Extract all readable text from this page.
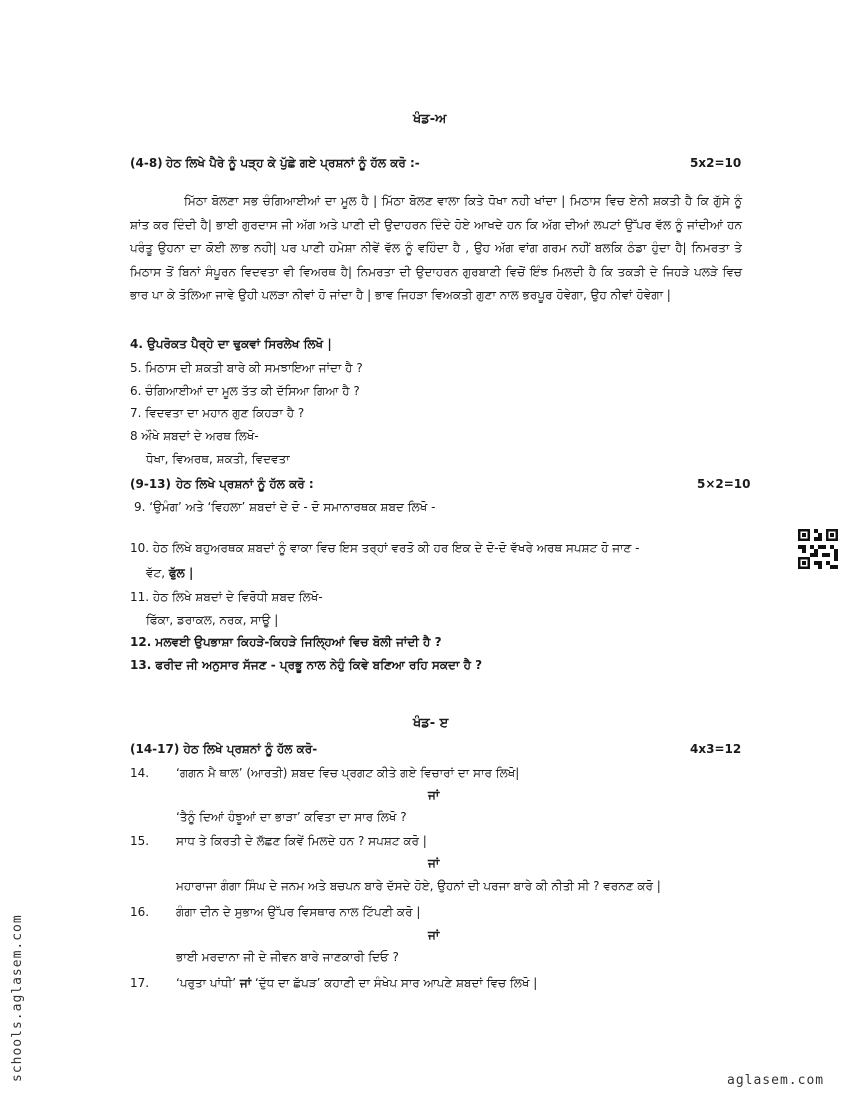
ਖੰਡ-ਅ
(4-8) ਹੇਠ ਲਿਖੇ ਪੈਰੇ ਨੂੰ ਪੜ੍ਹ ਕੇ ਪੁੱਛੇ ਗਏ ਪ੍ਰਸ਼ਨਾਂ ਨੂੰ ਹੱਲ ਕਰੋ :-	5x2=10

ਮਿੱਠਾ ਬੋਲਣਾ ਸਭ ਚੰਗਿਆਈਆਂ ਦਾ ਮੂਲ ਹੈ | ਮਿੱਠਾ ਬੋਲਣ ਵਾਲਾ ਕਿਤੇ ਧੋਖਾ ਨਹੀ ਖਾਂਦਾ | ਮਿਠਾਸ ਵਿਚ ਏਨੀ ਸ਼ਕਤੀ ਹੈ ਕਿ ਗੁੱਸੇ ਨੂੰ ਸ਼ਾਂਤ ਕਰ ਦਿੰਦੀ ਹੈ| ਭਾਈ ਗੁਰਦਾਸ ਜੀ ਅੱਗ ਅਤੇ ਪਾਣੀ ਦੀ ਉਦਾਹਰਨ ਦਿੰਦੇ ਹੋਏ ਆਖਦੇ ਹਨ ਕਿ ਅੱਗ ਦੀਆਂ ਲਪਟਾਂ ਉੱਪਰ ਵੱਲ ਨੂੰ ਜਾਂਦੀਆਂ ਹਨ ਪਰੰਤੂ ਉਹਨਾ ਦਾ ਕੋਈ ਲਾਭ ਨਹੀ| ਪਰ ਪਾਣੀ ਹਮੇਸ਼ਾ ਨੀਵੇਂ ਵੱਲ ਨੂੰ ਵਹਿੰਦਾ ਹੈ , ਉਹ ਅੱਗ ਵਾਂਗ ਗਰਮ ਨਹੀਂ ਬਲਕਿ ਠੰਡਾ ਹੁੰਦਾ ਹੈ| ਨਿਮਰਤਾ ਤੇ ਮਿਠਾਸ ਤੋਂ ਬਿਨਾਂ ਸੰਪੂਰਨ ਵਿਦਵਤਾ ਵੀ ਵਿਅਰਥ ਹੈ| ਨਿਮਰਤਾ ਦੀ ਉਦਾਹਰਨ ਗੁਰਬਾਣੀ ਵਿਚੋਂ ਇੰਝ ਮਿਲਦੀ ਹੈ ਕਿ ਤਕੜੀ ਦੇ ਜਿਹੜੇ ਪਲੜੇ ਵਿਚ ਭਾਰ ਪਾ ਕੇ ਤੋਲਿਆ ਜਾਵੇ ਉਹੀ ਪਲੜਾ ਨੀਵਾਂ ਹੋ ਜਾਂਦਾ ਹੈ | ਭਾਵ ਜਿਹੜਾ ਵਿਅਕਤੀ ਗੁਣਾ ਨਾਲ ਭਰਪੂਰ ਹੋਵੇਗਾ, ਉਹ ਨੀਵਾਂ ਹੋਵੇਗਾ |

4. ਉਪਰੋਕਤ ਪੈਰ੍ਹੇ ਦਾ ਢੁਕਵਾਂ ਸਿਰਲੇਖ ਲਿਖੋ |
5. ਮਿਠਾਸ ਦੀ ਸ਼ਕਤੀ ਬਾਰੇ ਕੀ ਸਮਝਾਇਆ ਜਾਂਦਾ ਹੈ ?
6. ਚੰਗਿਆਈਆਂ ਦਾ ਮੂਲ ਤੱਤ ਕੀ ਦੱਸਿਆ ਗਿਆ ਹੈ ?
7. ਵਿਦਵਤਾ ਦਾ ਮਹਾਨ ਗੁਣ ਕਿਹੜਾ ਹੈ ?
8 ਔਖੇ ਸ਼ਬਦਾਂ ਦੇ ਅਰਥ ਲਿਖੋ-
ਧੋਖਾ, ਵਿਅਰਥ, ਸ਼ਕਤੀ, ਵਿਦਵਤਾ
(9-13) ਹੇਠ ਲਿਖੇ ਪ੍ਰਸ਼ਨਾਂ ਨੂੰ ਹੱਲ ਕਰੋ :	5×2=10
9. ‘ਉਮੰਗ’ ਅਤੇ ‘ਵਿਹਲਾ’ ਸ਼ਬਦਾਂ ਦੇ ਦੋ - ਦੋ ਸਮਾਨਾਰਥਕ ਸ਼ਬਦ ਲਿਖੋ -
10. ਹੇਠ ਲਿਖੇ ਬਹੁਅਰਥਕ ਸ਼ਬਦਾਂ ਨੂੰ ਵਾਕਾ ਵਿਚ ਇਸ ਤਰ੍ਹਾਂ ਵਰਤੋ ਕੀ ਹਰ ਇਕ ਦੇ ਦੋ-ਦੋ ਵੱਖਰੇ ਅਰਥ ਸਪਸ਼ਟ ਹੋ ਜਾਣ -
ਵੱਟ, ਫੁੱਲ |
11. ਹੇਠ ਲਿਖੇ ਸ਼ਬਦਾਂ ਦੇ ਵਿਰੋਧੀ ਸ਼ਬਦ ਲਿਖੋ-
ਫਿੱਕਾ, ਡਰਾਕਲ, ਨਰਕ, ਸਾਊ |
12. ਮਲਵਈ ਉਪਭਾਸ਼ਾ ਕਿਹੜੇ-ਕਿਹੜੇ ਜਿਲ੍ਹਿਆਂ ਵਿਚ ਬੋਲੀ ਜਾਂਦੀ ਹੈ ?
13. ਫਰੀਦ ਜੀ ਅਨੁਸਾਰ ਸੱਜਣ - ਪ੍ਰਭੂ ਨਾਲ ਨੇਹੁੰ ਕਿਵੇ ਬਣਿਆ ਰਹਿ ਸਕਦਾ ਹੈ ?
ਖੰਡ- ੲ
(14-17) ਹੇਠ ਲਿਖੇ ਪ੍ਰਸ਼ਨਾਂ ਨੂੰ ਹੱਲ ਕਰੋ-	4x3=12
14. ‘ਗਗਨ ਮੈ ਥਾਲ’ (ਆਰਤੀ) ਸ਼ਬਦ ਵਿਚ ਪ੍ਰਗਟ ਕੀਤੇ ਗਏ ਵਿਚਾਰਾਂ ਦਾ ਸਾਰ ਲਿਖੋ|
ਜਾਂ
‘ਤੈਨੂੰ ਦਿਆਂ ਹੰਝੂਆਂ ਦਾ ਭਾੜਾ’ ਕਵਿਤਾ ਦਾ ਸਾਰ ਲਿਖੋ ?
15. ਸਾਧ ਤੇ ਕਿਰਤੀ ਦੇ ਲੱਛਣ ਕਿਵੇਂ ਮਿਲਦੇ ਹਨ ? ਸਪਸ਼ਟ ਕਰੋ |
ਜਾਂ
ਮਹਾਰਾਜਾ ਗੰਗਾ ਸਿੰਘ ਦੇ ਜਨਮ ਅਤੇ ਬਚਪਨ ਬਾਰੇ ਦੱਸਦੇ ਹੋਏ, ਉਹਨਾਂ ਦੀ ਪਰਜਾ ਬਾਰੇ ਕੀ ਨੀਤੀ ਸੀ ? ਵਰਨਣ ਕਰੋ |
16. ਗੰਗਾ ਦੀਨ ਦੇ ਸੁਭਾਅ ਉੱਪਰ ਵਿਸਥਾਰ ਨਾਲ ਟਿੱਪਣੀ ਕਰੋ |
ਜਾਂ
ਭਾਈ ਮਰਦਾਨਾ ਜੀ ਦੇ ਜੀਵਨ ਬਾਰੇ ਜਾਣਕਾਰੀ ਦਿਓ ?
17. ‘ਪਰੁਤਾ ਪਾਂਧੀ’ ਜਾਂ ‘ਦੁੱਧ ਦਾ ਛੱਪੜ’ ਕਹਾਣੀ ਦਾ ਸੰਖੇਪ ਸਾਰ ਆਪਣੇ ਸ਼ਬਦਾਂ ਵਿਚ ਲਿਖੋ |
schools.aglasem.com	aglasem.com
